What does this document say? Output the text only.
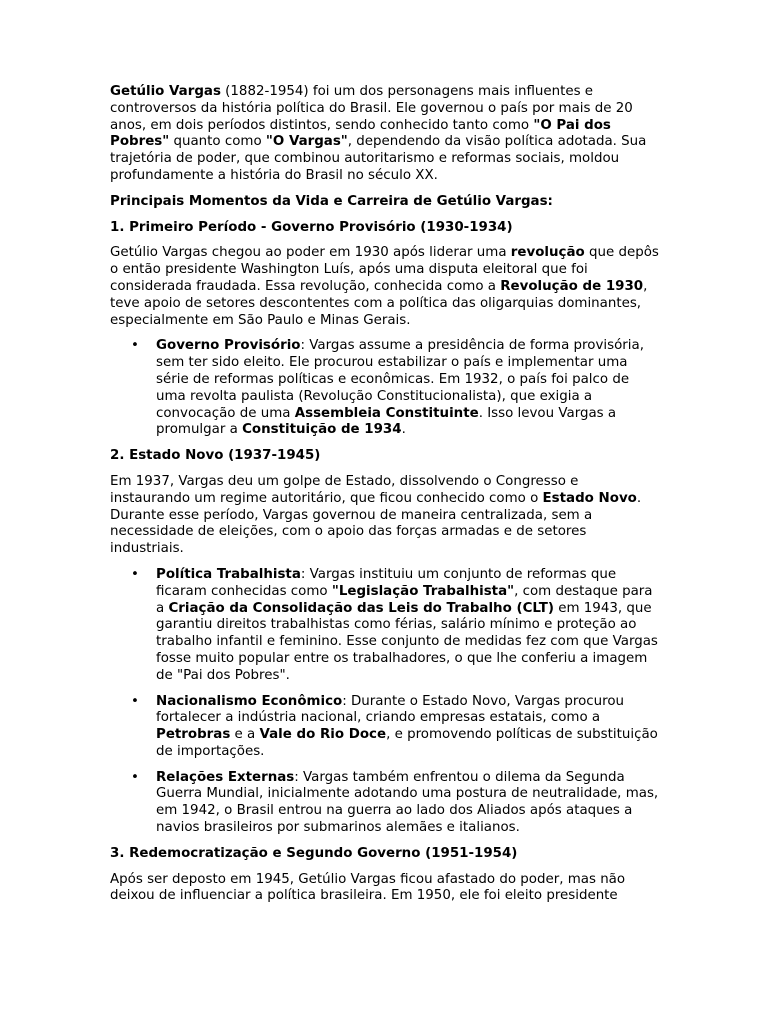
Getúlio Vargas (1882-1954) foi um dos personagens mais influentes e controversos da história política do Brasil. Ele governou o país por mais de 20 anos, em dois períodos distintos, sendo conhecido tanto como "O Pai dos Pobres" quanto como "O Vargas", dependendo da visão política adotada. Sua trajetória de poder, que combinou autoritarismo e reformas sociais, moldou profundamente a história do Brasil no século XX.

Principais Momentos da Vida e Carreira de Getúlio Vargas:

1. Primeiro Período - Governo Provisório (1930-1934)

Getúlio Vargas chegou ao poder em 1930 após liderar uma revolução que depôs o então presidente Washington Luís, após uma disputa eleitoral que foi considerada fraudada. Essa revolução, conhecida como a Revolução de 1930, teve apoio de setores descontentes com a política das oligarquias dominantes, especialmente em São Paulo e Minas Gerais.

• Governo Provisório: Vargas assume a presidência de forma provisória, sem ter sido eleito. Ele procurou estabilizar o país e implementar uma série de reformas políticas e econômicas. Em 1932, o país foi palco de uma revolta paulista (Revolução Constitucionalista), que exigia a convocação de uma Assembleia Constituinte. Isso levou Vargas a promulgar a Constituição de 1934.

2. Estado Novo (1937-1945)

Em 1937, Vargas deu um golpe de Estado, dissolvendo o Congresso e instaurando um regime autoritário, que ficou conhecido como o Estado Novo. Durante esse período, Vargas governou de maneira centralizada, sem a necessidade de eleições, com o apoio das forças armadas e de setores industriais.

• Política Trabalhista: Vargas instituiu um conjunto de reformas que ficaram conhecidas como "Legislação Trabalhista", com destaque para a Criação da Consolidação das Leis do Trabalho (CLT) em 1943, que garantiu direitos trabalhistas como férias, salário mínimo e proteção ao trabalho infantil e feminino. Esse conjunto de medidas fez com que Vargas fosse muito popular entre os trabalhadores, o que lhe conferiu a imagem de "Pai dos Pobres".
• Nacionalismo Econômico: Durante o Estado Novo, Vargas procurou fortalecer a indústria nacional, criando empresas estatais, como a Petrobras e a Vale do Rio Doce, e promovendo políticas de substituição de importações.
• Relações Externas: Vargas também enfrentou o dilema da Segunda Guerra Mundial, inicialmente adotando uma postura de neutralidade, mas, em 1942, o Brasil entrou na guerra ao lado dos Aliados após ataques a navios brasileiros por submarinos alemães e italianos.

3. Redemocratização e Segundo Governo (1951-1954)

Após ser deposto em 1945, Getúlio Vargas ficou afastado do poder, mas não deixou de influenciar a política brasileira. Em 1950, ele foi eleito presidente
